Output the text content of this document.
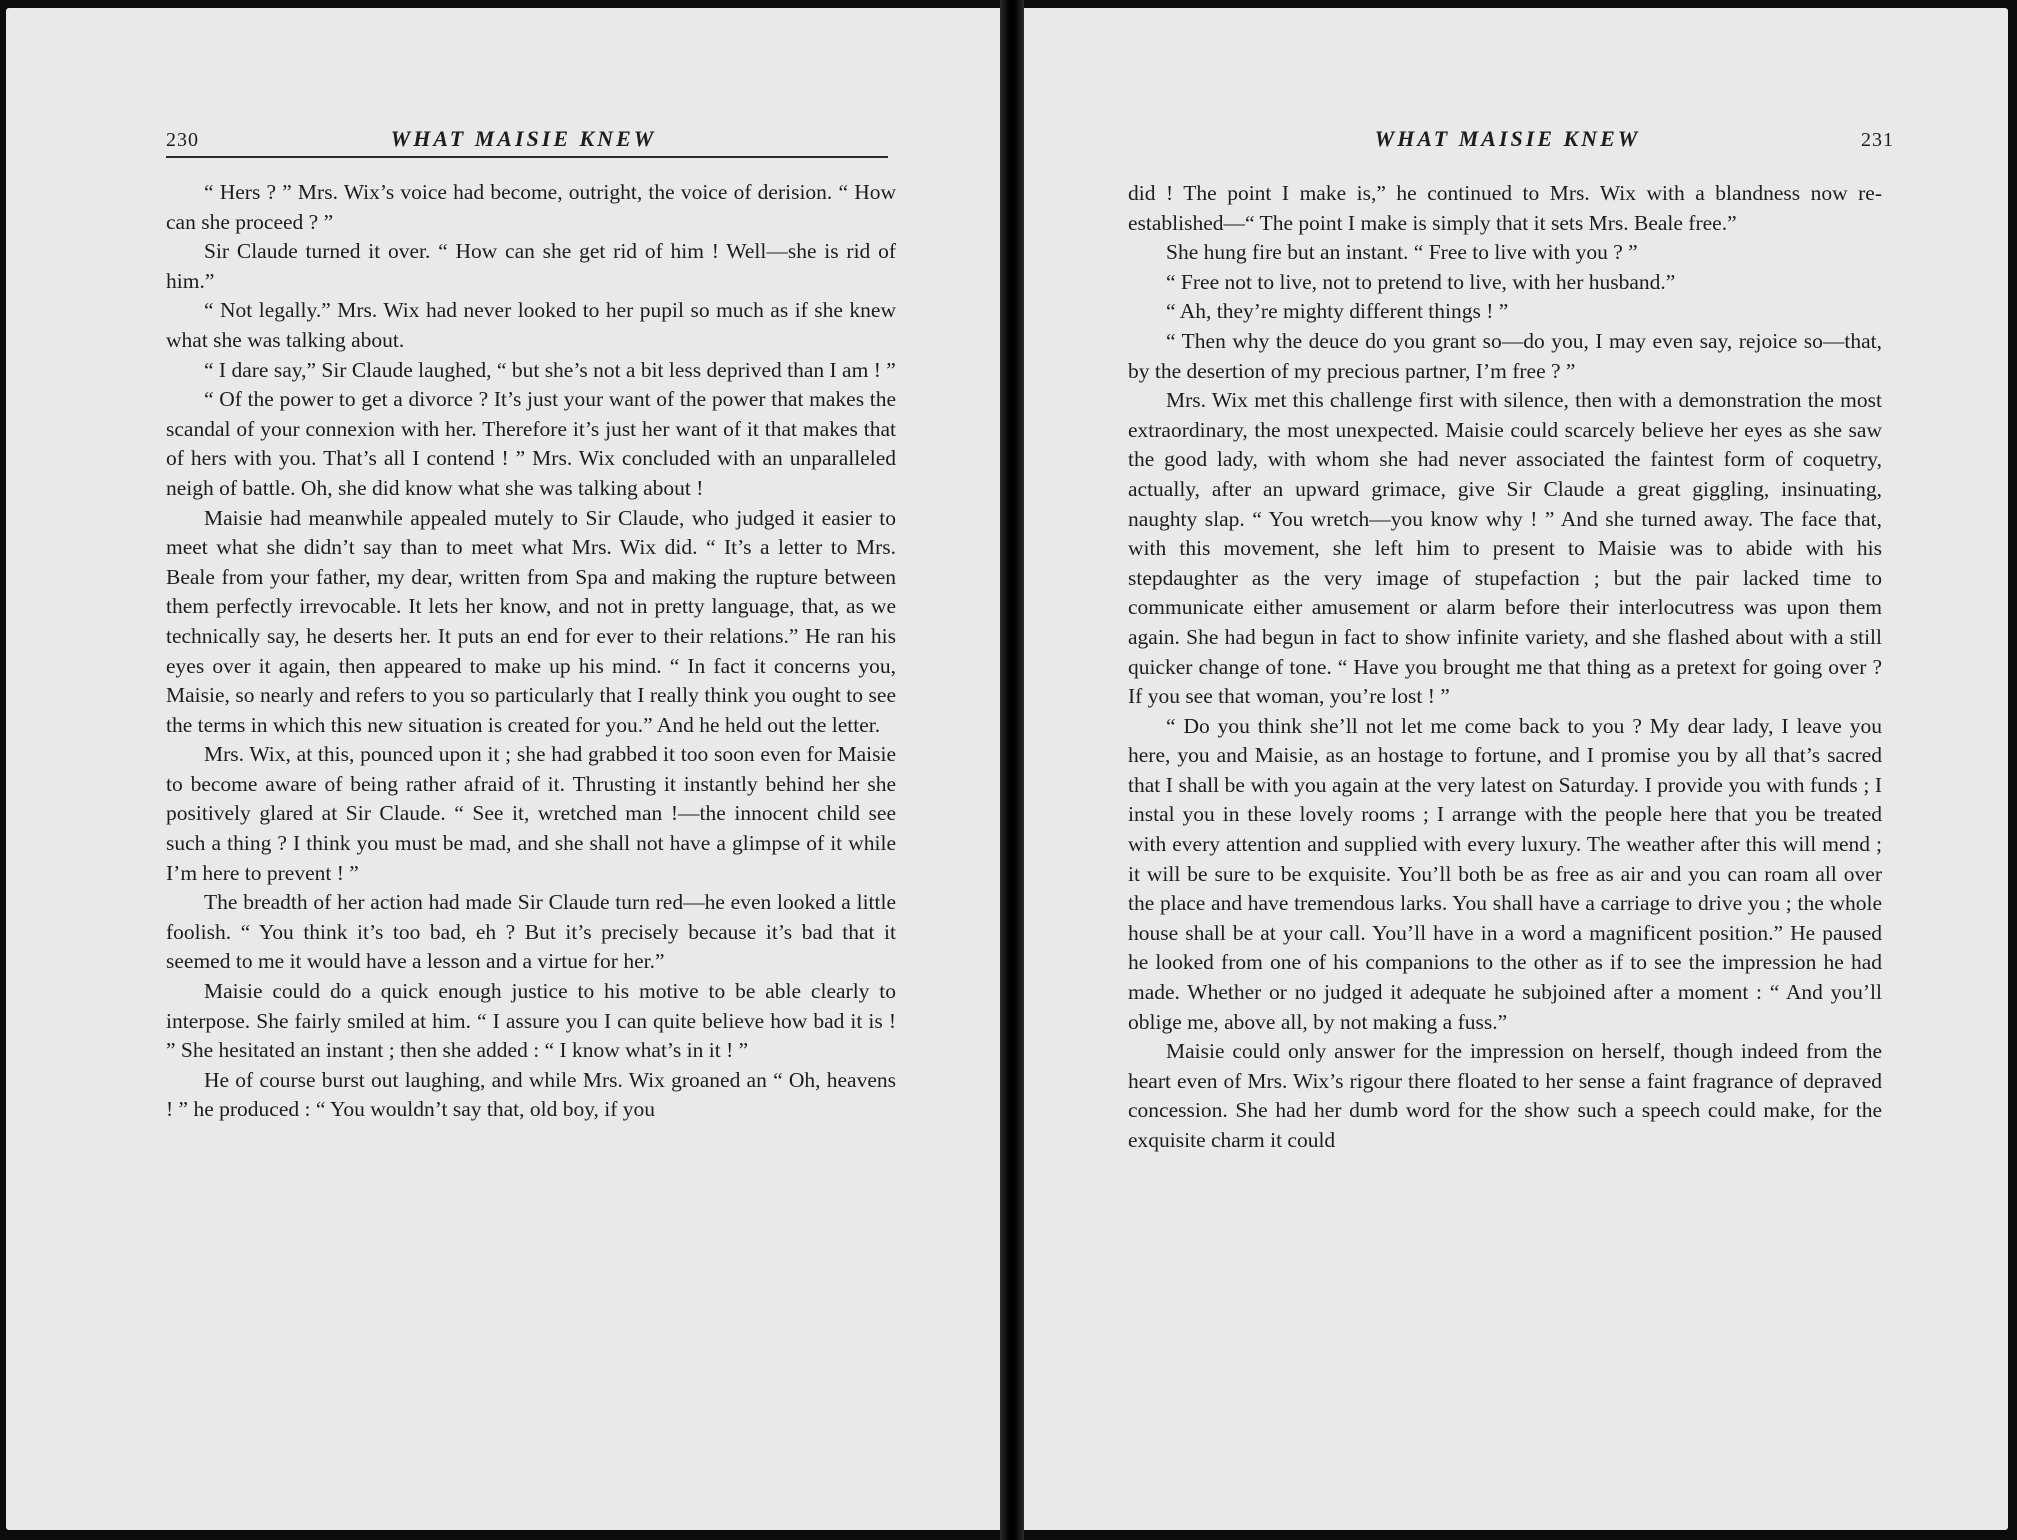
230	WHAT MAISIE KNEW

“ Hers ? ” Mrs. Wix’s voice had become, outright, the voice of derision. “ How can she proceed ? ”

Sir Claude turned it over. “ How can she get rid of him ! Well—she is rid of him.”

“ Not legally.” Mrs. Wix had never looked to her pupil so much as if she knew what she was talking about.

“ I dare say,” Sir Claude laughed, “ but she’s not a bit less deprived than I am ! ”

“ Of the power to get a divorce ? It’s just your want of the power that makes the scandal of your connexion with her. Therefore it’s just her want of it that makes that of hers with you. That’s all I contend ! ” Mrs. Wix concluded with an unparalleled neigh of battle. Oh, she did know what she was talking about !

Maisie had meanwhile appealed mutely to Sir Claude, who judged it easier to meet what she didn’t say than to meet what Mrs. Wix did. “ It’s a letter to Mrs. Beale from your father, my dear, written from Spa and making the rupture between them perfectly irrevocable. It lets her know, and not in pretty language, that, as we technically say, he deserts her. It puts an end for ever to their relations.” He ran his eyes over it again, then appeared to make up his mind. “ In fact it concerns you, Maisie, so nearly and refers to you so particularly that I really think you ought to see the terms in which this new situation is created for you.” And he held out the letter.

Mrs. Wix, at this, pounced upon it ; she had grabbed it too soon even for Maisie to become aware of being rather afraid of it. Thrusting it instantly behind her she positively glared at Sir Claude. “ See it, wretched man !—the innocent child see such a thing ? I think you must be mad, and she shall not have a glimpse of it while I’m here to prevent ! ”

The breadth of her action had made Sir Claude turn red—he even looked a little foolish. “ You think it’s too bad, eh ? But it’s precisely because it’s bad that it seemed to me it would have a lesson and a virtue for her.”

Maisie could do a quick enough justice to his motive to be able clearly to interpose. She fairly smiled at him. “ I assure you I can quite believe how bad it is ! ” She hesitated an instant ; then she added : “ I know what’s in it ! ”

He of course burst out laughing, and while Mrs. Wix groaned an “ Oh, heavens ! ” he produced : “ You wouldn’t say that, old boy, if you

WHAT MAISIE KNEW	231

did ! The point I make is,” he continued to Mrs. Wix with a blandness now re-established—“ The point I make is simply that it sets Mrs. Beale free.”

She hung fire but an instant. “ Free to live with you ? ”

“ Free not to live, not to pretend to live, with her husband.”

“ Ah, they’re mighty different things ! ”

“ Then why the deuce do you grant so—do you, I may even say, rejoice so—that, by the desertion of my precious partner, I’m free ? ”

Mrs. Wix met this challenge first with silence, then with a demonstration the most extraordinary, the most unexpected. Maisie could scarcely believe her eyes as she saw the good lady, with whom she had never associated the faintest form of coquetry, actually, after an upward grimace, give Sir Claude a great giggling, insinuating, naughty slap. “ You wretch—you know why ! ” And she turned away. The face that, with this movement, she left him to present to Maisie was to abide with his stepdaughter as the very image of stupefaction ; but the pair lacked time to communicate either amusement or alarm before their interlocutress was upon them again. She had begun in fact to show infinite variety, and she flashed about with a still quicker change of tone. “ Have you brought me that thing as a pretext for going over ? If you see that woman, you’re lost ! ”

“ Do you think she’ll not let me come back to you ? My dear lady, I leave you here, you and Maisie, as an hostage to fortune, and I promise you by all that’s sacred that I shall be with you again at the very latest on Saturday. I provide you with funds ; I instal you in these lovely rooms ; I arrange with the people here that you be treated with every attention and supplied with every luxury. The weather after this will mend ; it will be sure to be exquisite. You’ll both be as free as air and you can roam all over the place and have tremendous larks. You shall have a carriage to drive you ; the whole house shall be at your call. You’ll have in a word a magnificent position.” He paused he looked from one of his companions to the other as if to see the impression he had made. Whether or no judged it adequate he subjoined after a moment : “ And you’ll oblige me, above all, by not making a fuss.”

Maisie could only answer for the impression on herself, though indeed from the heart even of Mrs. Wix’s rigour there floated to her sense a faint fragrance of depraved concession. She had her dumb word for the show such a speech could make, for the exquisite charm it could
